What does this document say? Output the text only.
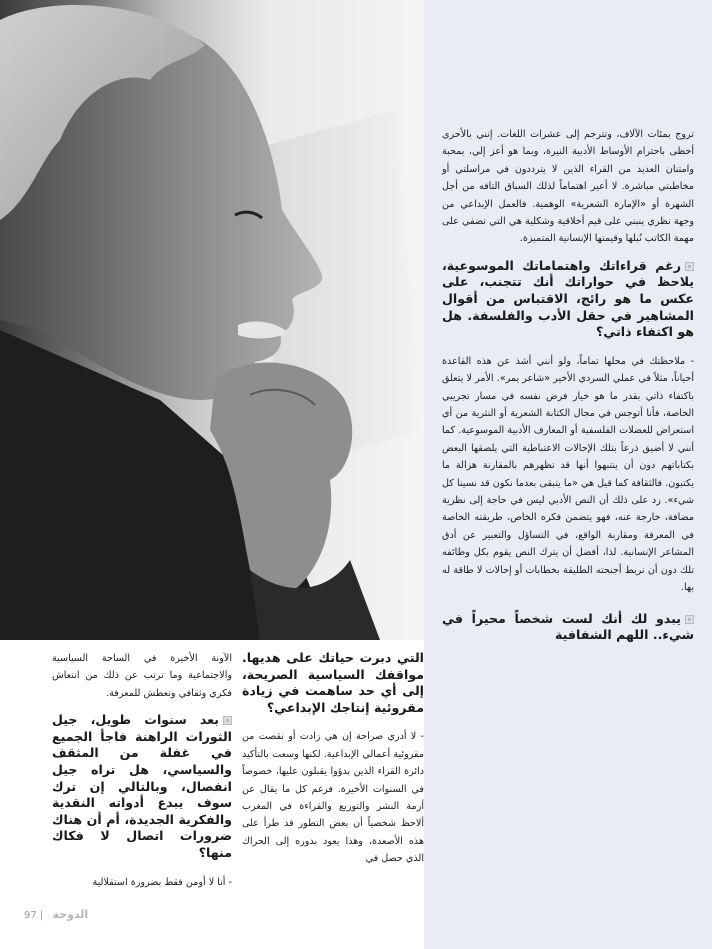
تروج بمئات الآلاف، وتترجم إلى عشرات اللغات. إنني بالأحرى أحظى باحترام الأوساط الأدبية النيرة، وبما هو أعز إلي، بمحبة وامتنان العديد من القراء الذين لا يترددون في مراسلتي أو مخاطبتي مباشرة. لا أعير اهتماماً لذلك السباق التافه من أجل الشهرة أو «الإمارة الشعرية» الوهمية. فالعمل الإبداعي من وجهة نظري ينبني على قيم أخلاقية وشكلية هي التي تضفي على مهمة الكاتب نُبلها وقيمتها الإنسانية المتميزة.

رغم قراءاتك واهتماماتك الموسوعية، يلاحظ في حواراتك أنك تتجنب، على عكس ما هو رائج، الاقتباس من أقوال المشاهير في حقل الأدب والفلسفة. هل هو اكتفاء ذاتي؟

- ملاحظتك في محلها تماماً، ولو أنني أشذ عن هذه القاعدة أحياناً، مثلاً في عملي السردي الأخير «شاعر يمر». الأمر لا يتعلق باكتفاء ذاتي بقدر ما هو خيار فرض نفسه في مسار تجريبي الخاصة، فأنا أتوجس في مجال الكتابة الشعرية أو النثرية من أي استعراض للعضلات الفلسفية أو المعارف الأدبية الموسوعية. كما أنني لا أضيق ذرعاً بتلك الإحالات الاعتباطية التي يلصقها البعض بكتاباتهم دون أن ينتبهوا أنها قد تظهرهم بالمقارنة هزالة ما يكتبون. فالثقافة كما قيل هي «ما يتبقى بعدما نكون قد نسينا كل شيء». زد على ذلك أن النص الأدبي ليس في حاجة إلى نظرية مضافة، خارجة عنه، فهو يتضمن فكره الخاص، طريقته الخاصة في المعرفة ومقاربة الواقع، في التساؤل والتعبير عن أدق المشاعر الإنسانية. لذا، أفضل أن يترك النص يقوم بكل وظائفه تلك دون أن نربط أجنحته الطليقة بخطابات أو إحالات لا طاقة له بها.

يبدو لك أنك لست شخصاً محيراً في شيء.. اللهم الشفافية

التي دبرت حياتك على هديها. مواقفك السياسية الصريحة، إلى أي حد ساهمت في زيادة مقروئية إنتاجك الإبداعي؟

- لا أدري صراحة إن هي زادت أو نقصت من مقروئية أعمالي الإبداعية. لكنها وسعت بالتأكيد دائرة القراء الذين بدؤوا يقبلون عليها، خصوصاً في السنوات الأخيرة. فرغم كل ما يقال عن أزمة النشر والتوزيع والقراءة في المغرب ألاحظ شخصياً أن بعض التطور قد طرأ على هذه الأصعدة، وهذا يعود بدوره إلى الحراك الذي حصل في

الآونة الأخيرة في الساحة السياسية والاجتماعية وما ترتب عن ذلك من انتعاش فكري وثقافي وتعطش للمعرفة.

بعد سنوات طويل، جيل الثورات الراهنة فاجأ الجميع في غفلة من المثقف والسياسي، هل تراه جيل انفصال، وبالتالي إن ترك سوف يبدع أدواته النقدية والفكرية الجديدة، أم أن هناك ضرورات اتصال لا فكاك منها؟

- أنا لا أومن فقط بضرورة استقلالية

97 | الدوحة
